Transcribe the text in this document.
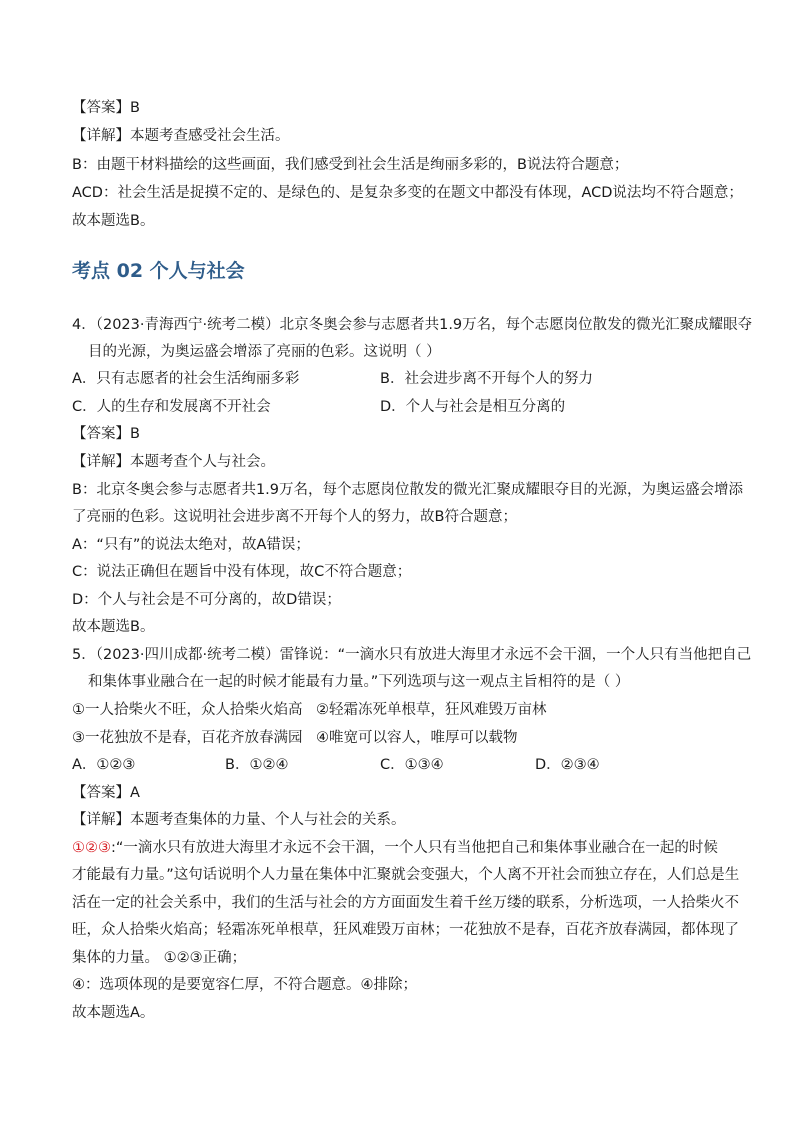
【答案】B
【详解】本题考查感受社会生活。
B：由题干材料描绘的这些画面，我们感受到社会生活是绚丽多彩的，B说法符合题意；
ACD：社会生活是捉摸不定的、是绿色的、是复杂多变的在题文中都没有体现，ACD说法均不符合题意；
故本题选B。
考点 02 个人与社会
4．（2023·青海西宁·统考二模）北京冬奥会参与志愿者共1.9万名，每个志愿岗位散发的微光汇聚成耀眼夺
目的光源，为奥运盛会增添了亮丽的色彩。这说明（ ）
A．只有志愿者的社会生活绚丽多彩	B．社会进步离不开每个人的努力
C．人的生存和发展离不开社会	D．个人与社会是相互分离的
【答案】B
【详解】本题考查个人与社会。
B：北京冬奥会参与志愿者共1.9万名，每个志愿岗位散发的微光汇聚成耀眼夺目的光源，为奥运盛会增添
了亮丽的色彩。这说明社会进步离不开每个人的努力，故B符合题意；
A：“只有”的说法太绝对，故A错误；
C：说法正确但在题旨中没有体现，故C不符合题意；
D：个人与社会是不可分离的，故D错误；
故本题选B。
5．（2023·四川成都·统考二模）雷锋说：“一滴水只有放进大海里才永远不会干涸，一个人只有当他把自己
和集体事业融合在一起的时候才能最有力量。”下列选项与这一观点主旨相符的是（ ）
①一人拾柴火不旺，众人拾柴火焰高 ②轻霜冻死单根草，狂风难毁万亩林
③一花独放不是春，百花齐放春满园 ④唯宽可以容人，唯厚可以载物
A．①②③	B．①②④	C．①③④	D．②③④
【答案】A
【详解】本题考查集体的力量、个人与社会的关系。
①②③:“一滴水只有放进大海里才永远不会干涸，一个人只有当他把自己和集体事业融合在一起的时候
才能最有力量。”这句话说明个人力量在集体中汇聚就会变强大，个人离不开社会而独立存在，人们总是生
活在一定的社会关系中，我们的生活与社会的方方面面发生着千丝万缕的联系，分析选项，一人拾柴火不
旺，众人拾柴火焰高；轻霜冻死单根草，狂风难毁万亩林；一花独放不是春，百花齐放春满园，都体现了
集体的力量。 ①②③正确；
④：选项体现的是要宽容仁厚，不符合题意。④排除；
故本题选A。
